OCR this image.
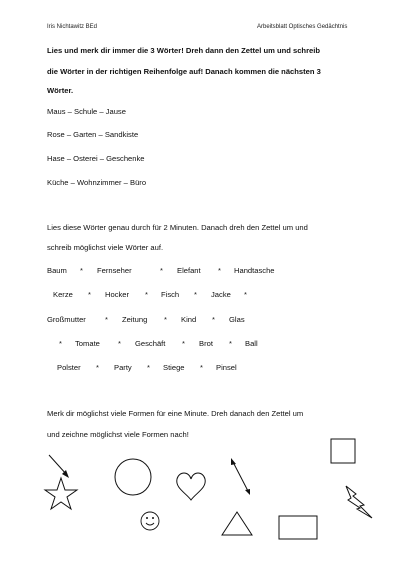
Iris Nichtawitz BEd	Arbeitsblatt Optisches Gedächtnis
Lies und merk dir immer die 3 Wörter! Dreh dann den Zettel um und schreib
die Wörter in der richtigen Reihenfolge auf! Danach kommen die nächsten 3
Wörter.
Maus – Schule – Jause
Rose – Garten – Sandkiste
Hase – Osterei – Geschenke
Küche – Wohnzimmer – Büro
Lies diese Wörter genau durch für 2 Minuten. Danach dreh den Zettel um und
schreib möglichst viele Wörter auf.
Baum * Fernseher	* Elefant * Handtasche
Kerze * Hocker * Fisch * Jacke *
Großmutter	* Zeitung * Kind * Glas
* Tomate * Geschäft * Brot * Ball
Polster * Party * Stiege * Pinsel
Merk dir möglichst viele Formen für eine Minute. Dreh danach den Zettel um
und zeichne möglichst viele Formen nach!
